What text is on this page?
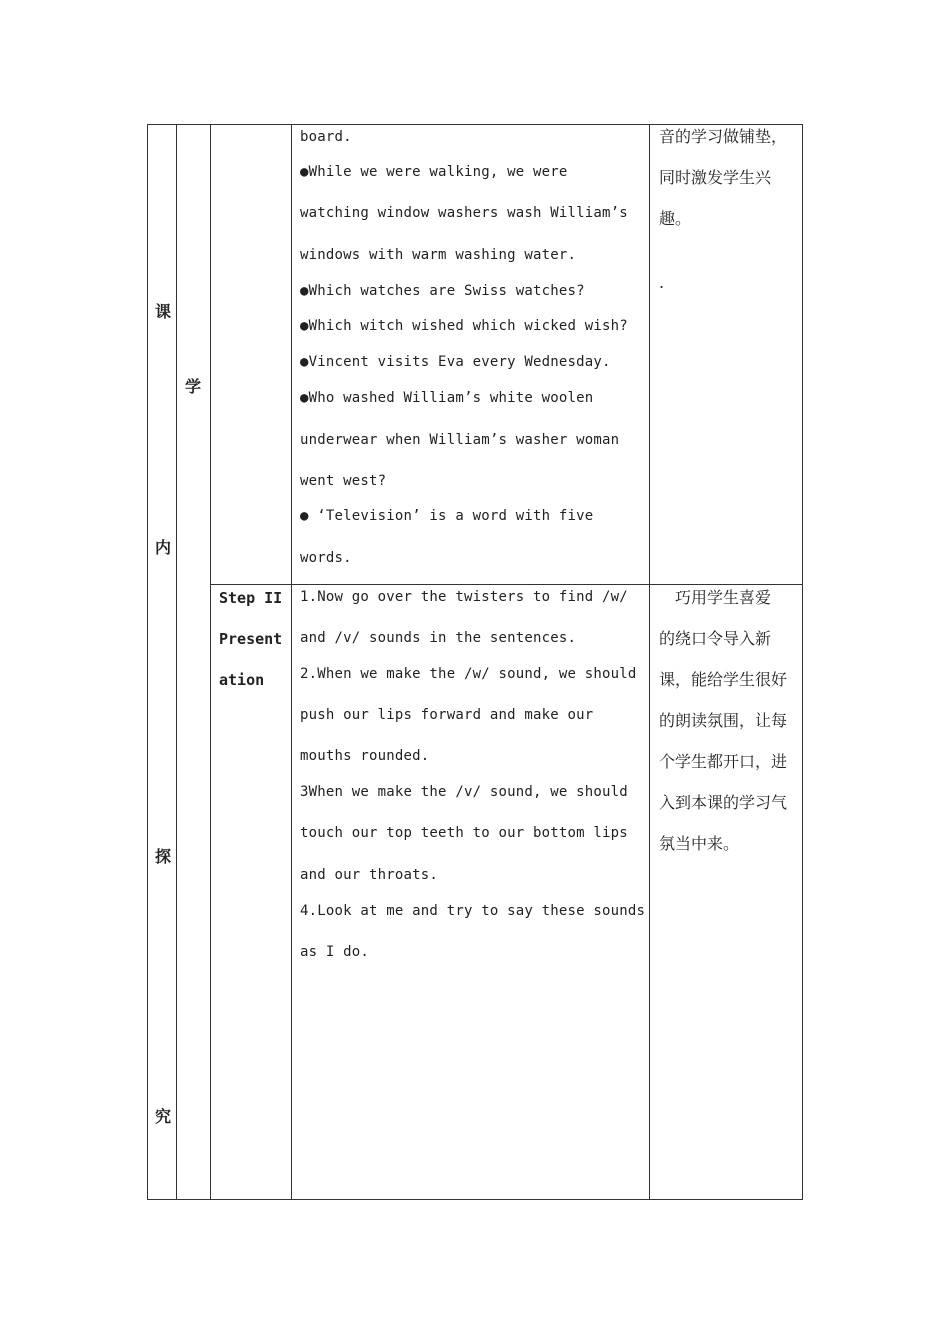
课
内
探
究
学
board.
●While we were walking, we were
watching window washers wash William’s
windows with warm washing water.
●Which watches are Swiss watches?
●Which witch wished which wicked wish?
●Vincent visits Eva every Wednesday.
●Who washed William’s white woolen
underwear when William’s washer woman
went west?
● ‘Television’ is a word with five
words.
音的学习做铺垫，
同时激发学生兴
趣。
.
Step II
Present
ation
1.Now go over the twisters to find /w/
and /v/ sounds in the sentences.
2.When we make the /w/ sound, we should
push our lips forward and make our
mouths rounded.
3When we make the /v/ sound, we should
touch our top teeth to our bottom lips
and our throats.
4.Look at me and try to say these sounds
as I do.
　巧用学生喜爱
的绕口令导入新
课，能给学生很好
的朗读氛围，让每
个学生都开口，进
入到本课的学习气
氛当中来。
